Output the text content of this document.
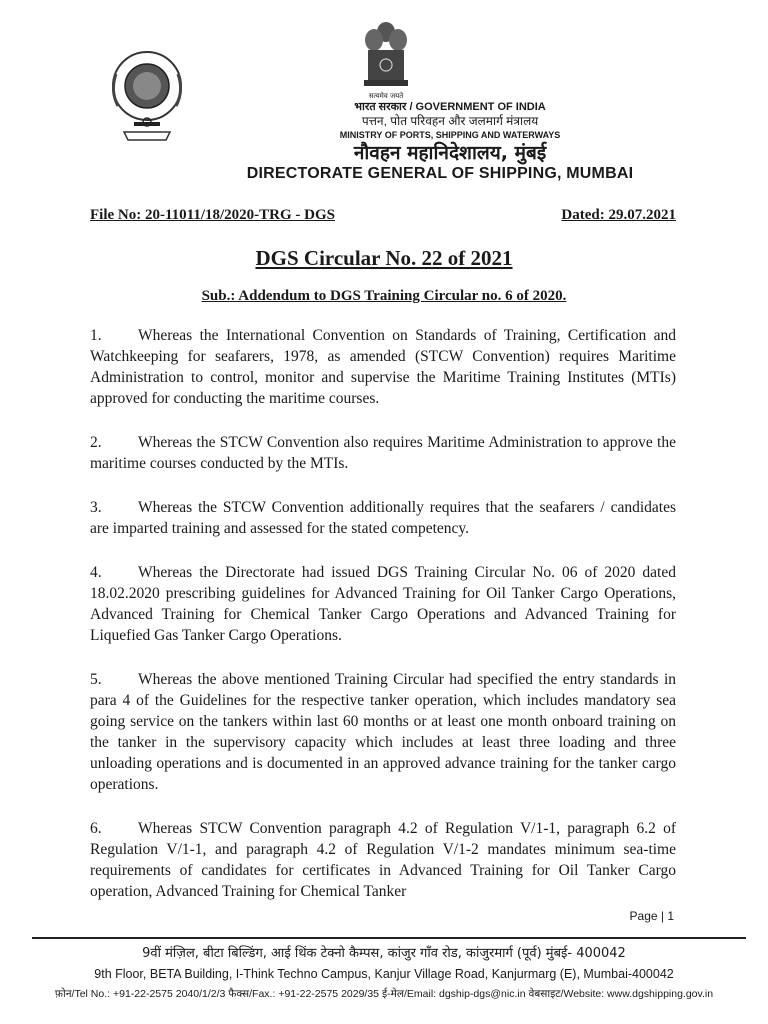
सत्यमेव जयते
भारत सरकार / GOVERNMENT OF INDIA
पत्तन, पोत परिवहन और जलमार्ग मंत्रालय
MINISTRY OF PORTS, SHIPPING AND WATERWAYS
नौवहन महानिदेशालय, मुंबई
DIRECTORATE GENERAL OF SHIPPING, MUMBAI
File No: 20-11011/18/2020-TRG - DGS	Dated: 29.07.2021
DGS Circular No. 22 of 2021
Sub.: Addendum to DGS Training Circular no. 6 of 2020.

1. Whereas the International Convention on Standards of Training, Certification and Watchkeeping for seafarers, 1978, as amended (STCW Convention) requires Maritime Administration to control, monitor and supervise the Maritime Training Institutes (MTIs) approved for conducting the maritime courses.

2. Whereas the STCW Convention also requires Maritime Administration to approve the maritime courses conducted by the MTIs.

3. Whereas the STCW Convention additionally requires that the seafarers / candidates are imparted training and assessed for the stated competency.

4. Whereas the Directorate had issued DGS Training Circular No. 06 of 2020 dated 18.02.2020 prescribing guidelines for Advanced Training for Oil Tanker Cargo Operations, Advanced Training for Chemical Tanker Cargo Operations and Advanced Training for Liquefied Gas Tanker Cargo Operations.

5. Whereas the above mentioned Training Circular had specified the entry standards in para 4 of the Guidelines for the respective tanker operation, which includes mandatory sea going service on the tankers within last 60 months or at least one month onboard training on the tanker in the supervisory capacity which includes at least three loading and three unloading operations and is documented in an approved advance training for the tanker cargo operations.

6. Whereas STCW Convention paragraph 4.2 of Regulation V/1-1, paragraph 6.2 of Regulation V/1-1, and paragraph 4.2 of Regulation V/1-2 mandates minimum sea-time requirements of candidates for certificates in Advanced Training for Oil Tanker Cargo operation, Advanced Training for Chemical Tanker

Page | 1
9वीं मंज़िल, बीटा बिल्डिंग, आई थिंक टेक्नो कैम्पस, कांजुर गाँव रोड, कांजुरमार्ग (पूर्व) मुंबई- 400042
9th Floor, BETA Building, I-Think Techno Campus, Kanjur Village Road, Kanjurmarg (E), Mumbai-400042
फ़ोन/Tel No.: +91-22-2575 2040/1/2/3 फैक्स/Fax.: +91-22-2575 2029/35 ई-मेल/Email: dgship-dgs@nic.in वेबसाइट/Website: www.dgshipping.gov.in
